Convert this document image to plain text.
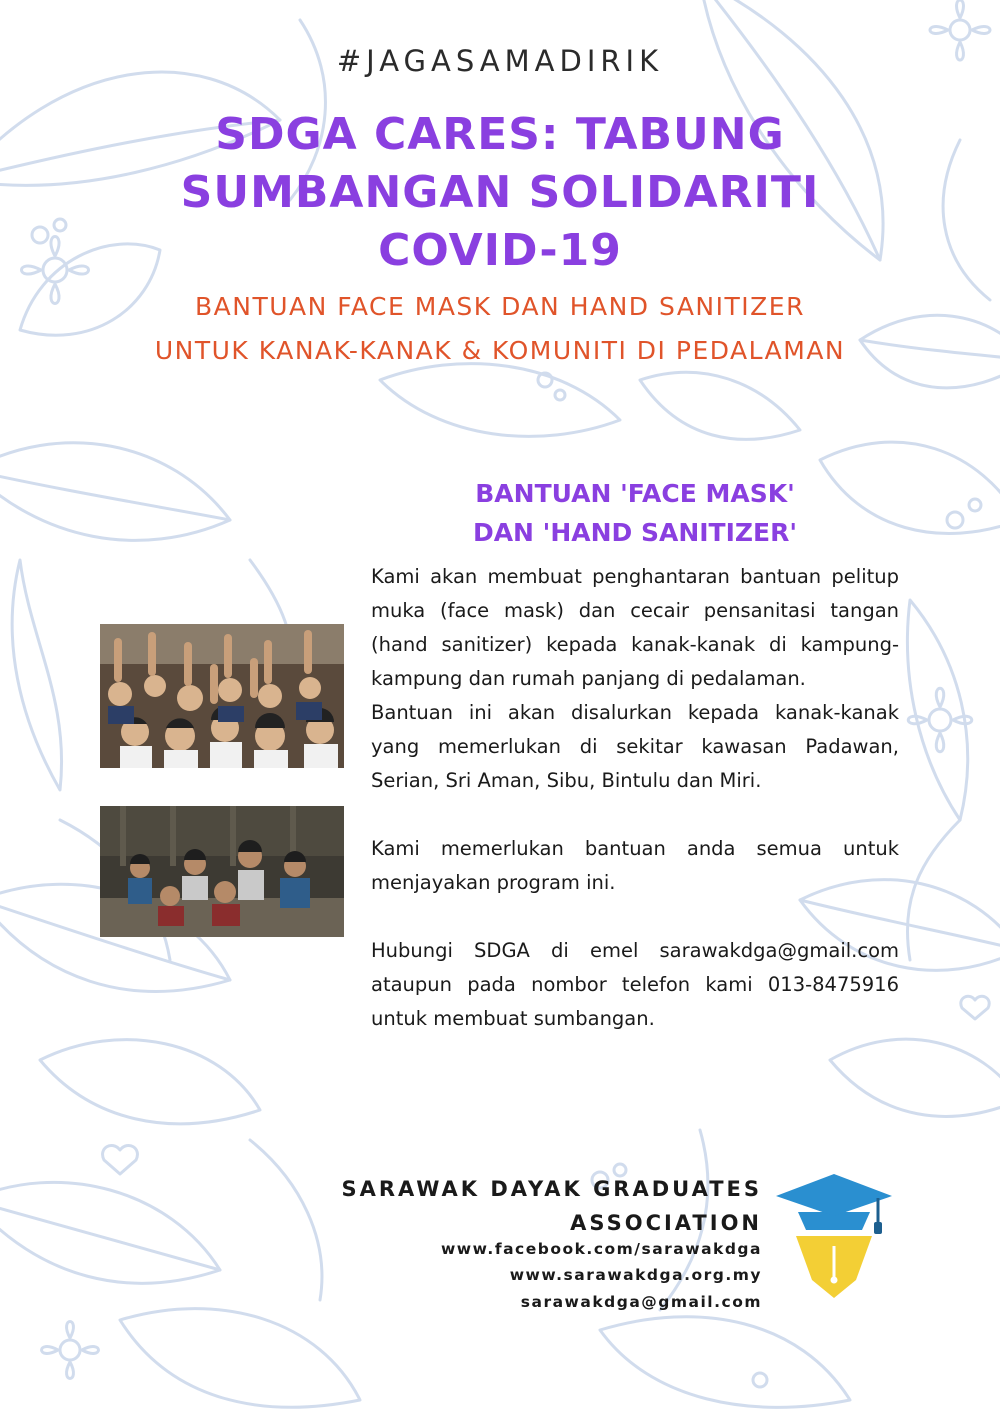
#JAGASAMADIRIK
SDGA CARES: TABUNG
SUMBANGAN SOLIDARITI
COVID-19

BANTUAN FACE MASK DAN HAND SANITIZER

UNTUK KANAK-KANAK & KOMUNITI DI PEDALAMAN

BANTUAN 'FACE MASK'
DAN 'HAND SANITIZER'

Kami akan membuat penghantaran bantuan pelitup muka (face mask) dan cecair pensanitasi tangan (hand sanitizer) kepada kanak-kanak di kampung-kampung dan rumah panjang di pedalaman.

Bantuan ini akan disalurkan kepada kanak-kanak yang memerlukan di sekitar kawasan Padawan, Serian, Sri Aman, Sibu, Bintulu dan Miri.

Kami memerlukan bantuan anda semua untuk menjayakan program ini.

Hubungi SDGA di emel sarawakdga@gmail.com ataupun pada nombor telefon kami 013-8475916 untuk membuat sumbangan.

SARAWAK DAYAK GRADUATES
ASSOCIATION
www.facebook.com/sarawakdga
www.sarawakdga.org.my
sarawakdga@gmail.com
